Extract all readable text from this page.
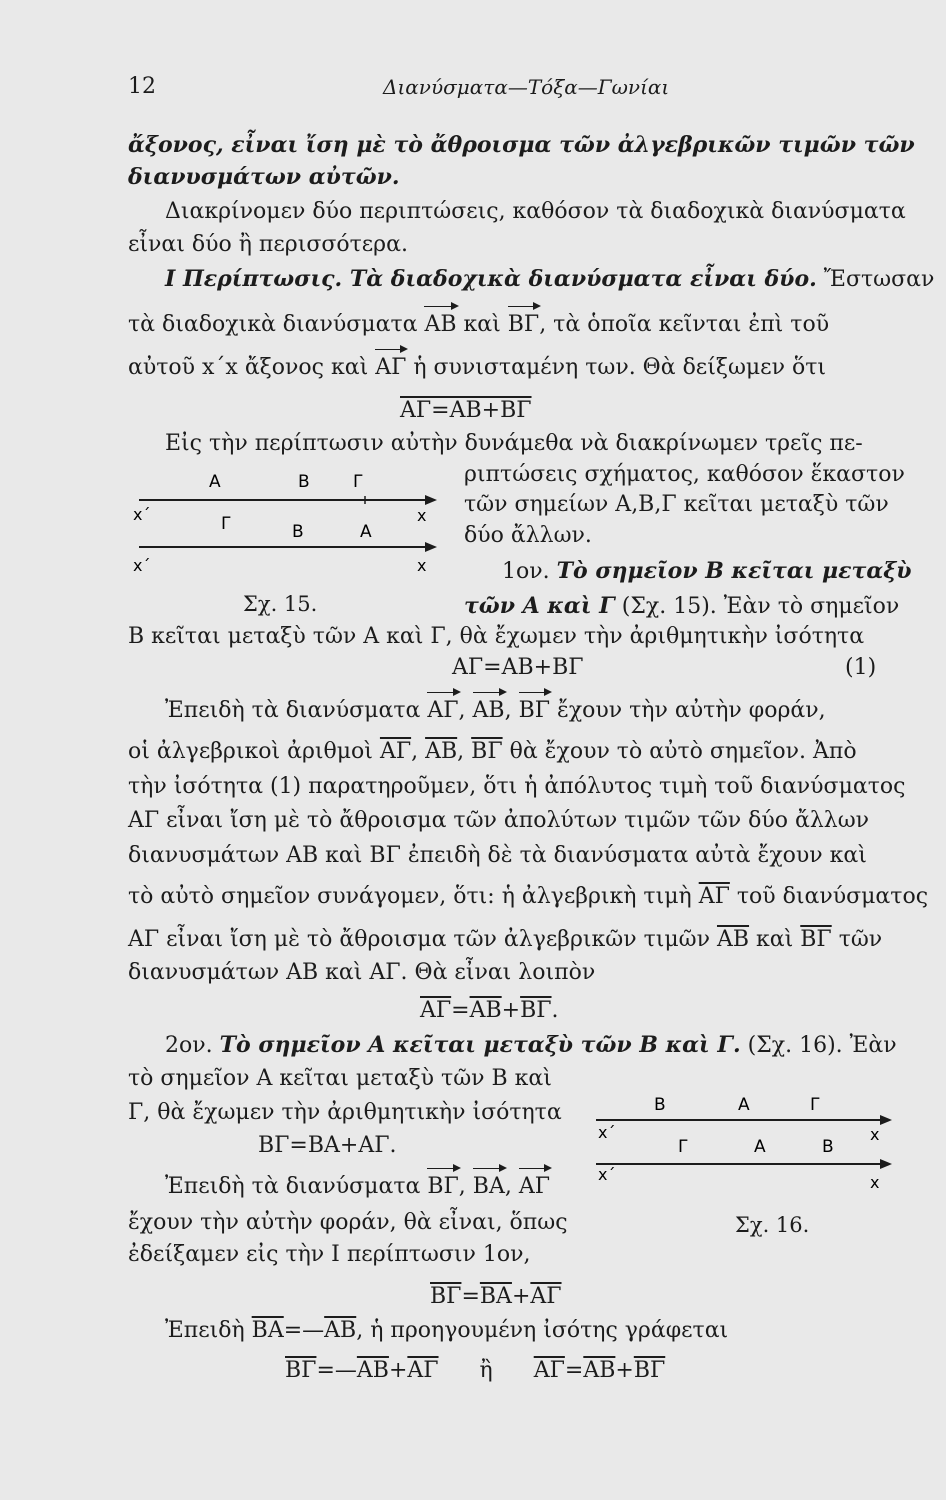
12	Διανύσματα—Τόξα—Γωνίαι
ἄξονος, εἶναι ἴση μὲ τὸ ἄθροισμα τῶν ἀλγεβρικῶν τιμῶν τῶν
διανυσμάτων αὐτῶν.
Διακρίνομεν δύο περιπτώσεις, καθόσον τὰ διαδοχικὰ διανύσματα
εἶναι δύο ἢ περισσότερα.
Ι Περίπτωσις. Τὰ διαδοχικὰ διανύσματα εἶναι δύο. Ἔστωσαν
τὰ διαδοχικὰ διανύσματα ΑΒ καὶ ΒΓ, τὰ ὁποῖα κεῖνται ἐπὶ τοῦ
αὐτοῦ x΄x ἄξονος καὶ ΑΓ ἡ συνισταμένη των. Θὰ δείξωμεν ὅτι
ΑΓ=ΑΒ+ΒΓ
Εἰς τὴν περίπτωσιν αὐτὴν δυνάμεθα νὰ διακρίνωμεν τρεῖς πε-
ριπτώσεις σχήματος, καθόσον ἕκαστον
τῶν σημείων Α,Β,Γ κεῖται μεταξὺ τῶν
δύο ἄλλων.
1ον. Τὸ σημεῖον Β κεῖται μεταξὺ
τῶν Α καὶ Γ (Σχ. 15). Ἐὰν τὸ σημεῖον
Β κεῖται μεταξὺ τῶν Α καὶ Γ, θὰ ἔχωμεν τὴν ἀριθμητικὴν ἰσότητα
ΑΓ=ΑΒ+ΒΓ	(1)
Ἐπειδὴ τὰ διανύσματα ΑΓ, ΑΒ, ΒΓ ἔχουν τὴν αὐτὴν φοράν,
οἱ ἀλγεβρικοὶ ἀριθμοὶ $\overline{A\Gamma}$, $\overline{AB}$, $\overline{B\Gamma}$ θὰ ἔχουν τὸ αὐτὸ σημεῖον. Ἀπὸ
τὴν ἰσότητα (1) παρατηροῦμεν, ὅτι ἡ ἀπόλυτος τιμὴ τοῦ διανύσματος
ΑΓ εἶναι ἴση μὲ τὸ ἄθροισμα τῶν ἀπολύτων τιμῶν τῶν δύο ἄλλων
διανυσμάτων ΑΒ καὶ ΒΓ ἐπειδὴ δὲ τὰ διανύσματα αὐτὰ ἔχουν καὶ
τὸ αὐτὸ σημεῖον συνάγομεν, ὅτι: ἡ ἀλγεβρικὴ τιμὴ $\overline{A\Gamma}$ τοῦ διανύσματος
ΑΓ εἶναι ἴση μὲ τὸ ἄθροισμα τῶν ἀλγεβρικῶν τιμῶν $\overline{AB}$ καὶ $\overline{B\Gamma}$ τῶν
διανυσμάτων ΑΒ καὶ ΑΓ. Θὰ εἶναι λοιπὸν
$\overline{A\Gamma}=\overline{AB}+\overline{B\Gamma}$.
2ον. Τὸ σημεῖον Α κεῖται μεταξὺ τῶν Β καὶ Γ. (Σχ. 16). Ἐὰν
τὸ σημεῖον Α κεῖται μεταξὺ τῶν Β καὶ
Γ, θὰ ἔχωμεν τὴν ἀριθμητικὴν ἰσότητα
ΒΓ=ΒΑ+ΑΓ.
Ἐπειδὴ τὰ διανύσματα ΒΓ, ΒΑ, ΑΓ
ἔχουν τὴν αὐτὴν φοράν, θὰ εἶναι, ὅπως
ἐδείξαμεν εἰς τὴν Ι περίπτωσιν 1ον,
$\overline{B\Gamma}=\overline{BA}+\overline{A\Gamma}$
Ἐπειδὴ $\overline{BA}=—\overline{AB}$, ἡ προηγουμένη ἰσότης γράφεται
$\overline{B\Gamma}=—\overline{AB}+\overline{A\Gamma}$ ἢ $\overline{A\Gamma}=\overline{AB}+\overline{B\Gamma}$
Α	Β	Γ
x΄	x
Γ	Β	Α
x΄	x
Σχ. 15.
Β	Α	Γ
x΄	x
Γ	Α	Β
x΄	x
Σχ. 16.
